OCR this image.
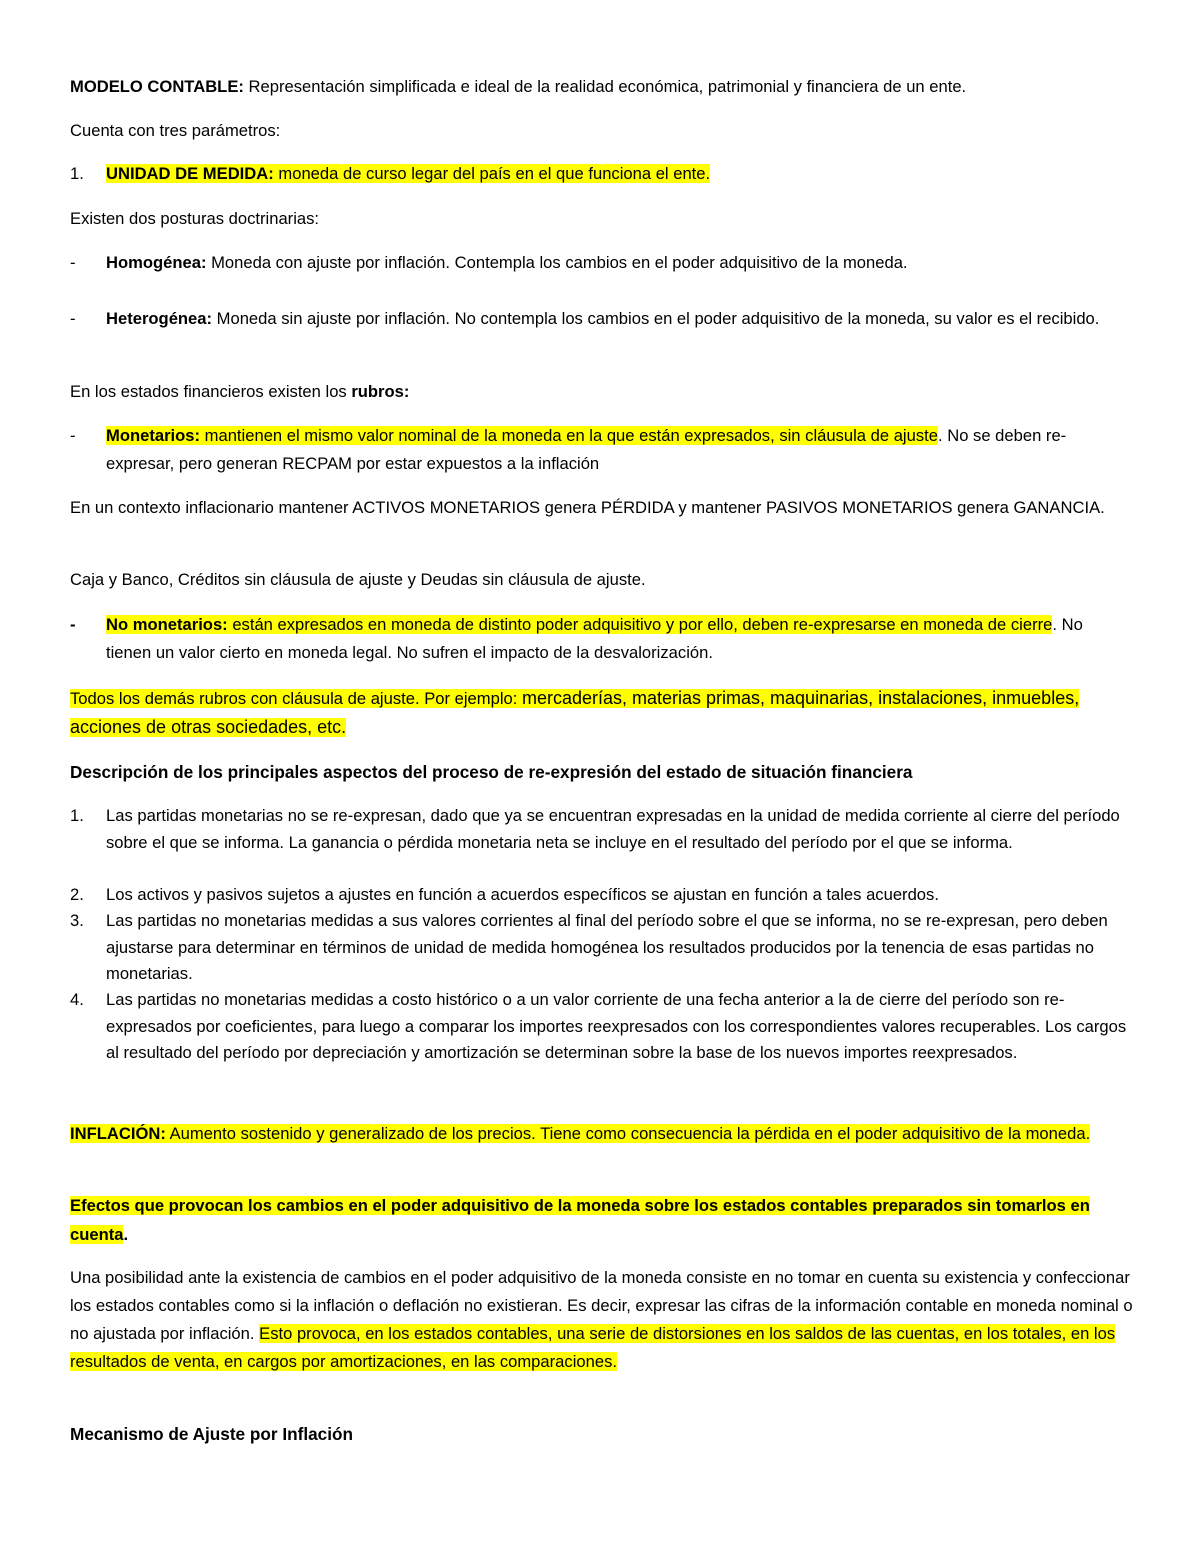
MODELO CONTABLE: Representación simplificada e ideal de la realidad económica, patrimonial y financiera de un ente.

Cuenta con tres parámetros:

1.	UNIDAD DE MEDIDA: moneda de curso legar del país en el que funciona el ente.

Existen dos posturas doctrinarias:

-	Homogénea: Moneda con ajuste por inflación. Contempla los cambios en el poder adquisitivo de la moneda.
-	Heterogénea: Moneda sin ajuste por inflación. No contempla los cambios en el poder adquisitivo de la moneda, su valor es el recibido.

En los estados financieros existen los rubros:

-	Monetarios: mantienen el mismo valor nominal de la moneda en la que están expresados, sin cláusula de ajuste. No se deben re-expresar, pero generan RECPAM por estar expuestos a la inflación

En un contexto inflacionario mantener ACTIVOS MONETARIOS genera PÉRDIDA y mantener PASIVOS MONETARIOS genera GANANCIA.

Caja y Banco, Créditos sin cláusula de ajuste y Deudas sin cláusula de ajuste.

-	No monetarios: están expresados en moneda de distinto poder adquisitivo y por ello, deben re-expresarse en moneda de cierre. No tienen un valor cierto en moneda legal. No sufren el impacto de la desvalorización.

Todos los demás rubros con cláusula de ajuste. Por ejemplo: mercaderías, materias primas, maquinarias, instalaciones, inmuebles, acciones de otras sociedades, etc.

Descripción de los principales aspectos del proceso de re-expresión del estado de situación financiera

1.	Las partidas monetarias no se re-expresan, dado que ya se encuentran expresadas en la unidad de medida corriente al cierre del período sobre el que se informa. La ganancia o pérdida monetaria neta se incluye en el resultado del período por el que se informa.
2.	Los activos y pasivos sujetos a ajustes en función a acuerdos específicos se ajustan en función a tales acuerdos.
3.	Las partidas no monetarias medidas a sus valores corrientes al final del período sobre el que se informa, no se re-expresan, pero deben ajustarse para determinar en términos de unidad de medida homogénea los resultados producidos por la tenencia de esas partidas no monetarias.
4.	Las partidas no monetarias medidas a costo histórico o a un valor corriente de una fecha anterior a la de cierre del período son re-expresados por coeficientes, para luego a comparar los importes reexpresados con los correspondientes valores recuperables. Los cargos al resultado del período por depreciación y amortización se determinan sobre la base de los nuevos importes reexpresados.

INFLACIÓN: Aumento sostenido y generalizado de los precios. Tiene como consecuencia la pérdida en el poder adquisitivo de la moneda.

Efectos que provocan los cambios en el poder adquisitivo de la moneda sobre los estados contables preparados sin tomarlos en cuenta.

Una posibilidad ante la existencia de cambios en el poder adquisitivo de la moneda consiste en no tomar en cuenta su existencia y confeccionar los estados contables como si la inflación o deflación no existieran. Es decir, expresar las cifras de la información contable en moneda nominal o no ajustada por inflación. Esto provoca, en los estados contables, una serie de distorsiones en los saldos de las cuentas, en los totales, en los resultados de venta, en cargos por amortizaciones, en las comparaciones.

Mecanismo de Ajuste por Inflación
